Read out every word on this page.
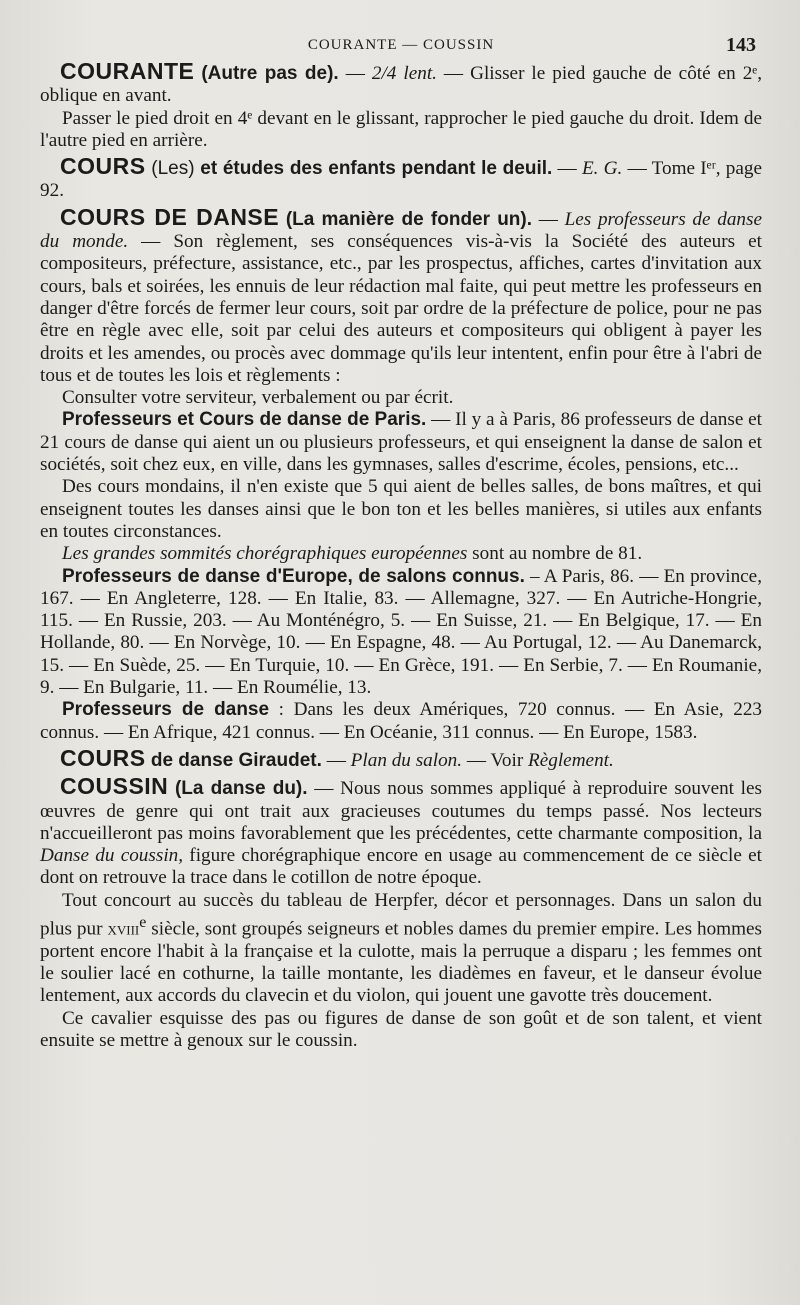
COURANTE — COUSSIN	143

COURANTE (Autre pas de). — 2/4 lent. — Glisser le pied gauche de côté en 2ᵉ, oblique en avant.

Passer le pied droit en 4ᵉ devant en le glissant, rapprocher le pied gauche du droit. Idem de l'autre pied en arrière.

COURS (Les) et études des enfants pendant le deuil. — E. G. — Tome Iᵉʳ, page 92.

COURS DE DANSE (La manière de fonder un). — Les professeurs de danse du monde. — Son règlement, ses conséquences vis-à-vis la Société des auteurs et compositeurs, préfecture, assistance, etc., par les prospectus, affiches, cartes d'invitation aux cours, bals et soirées, les ennuis de leur rédaction mal faite, qui peut mettre les professeurs en danger d'être forcés de fermer leur cours, soit par ordre de la préfecture de police, pour ne pas être en règle avec elle, soit par celui des auteurs et compositeurs qui obligent à payer les droits et les amendes, ou procès avec dommage qu'ils leur intentent, enfin pour être à l'abri de tous et de toutes les lois et règlements :

Consulter votre serviteur, verbalement ou par écrit.

Professeurs et Cours de danse de Paris. — Il y a à Paris, 86 professeurs de danse et 21 cours de danse qui aient un ou plusieurs professeurs, et qui enseignent la danse de salon et sociétés, soit chez eux, en ville, dans les gymnases, salles d'escrime, écoles, pensions, etc...

Des cours mondains, il n'en existe que 5 qui aient de belles salles, de bons maîtres, et qui enseignent toutes les danses ainsi que le bon ton et les belles manières, si utiles aux enfants en toutes circonstances.

Les grandes sommités chorégraphiques européennes sont au nombre de 81.

Professeurs de danse d'Europe, de salons connus. – A Paris, 86. — En province, 167. — En Angleterre, 128. — En Italie, 83. — Allemagne, 327. — En Autriche-Hongrie, 115. — En Russie, 203. — Au Monténégro, 5. — En Suisse, 21. — En Belgique, 17. — En Hollande, 80. — En Norvège, 10. — En Espagne, 48. — Au Portugal, 12. — Au Danemarck, 15. — En Suède, 25. — En Turquie, 10. — En Grèce, 191. — En Serbie, 7. — En Roumanie, 9. — En Bulgarie, 11. — En Roumélie, 13.

Professeurs de danse : Dans les deux Amériques, 720 connus. — En Asie, 223 connus. — En Afrique, 421 connus. — En Océanie, 311 connus. — En Europe, 1583.

COURS de danse Giraudet. — Plan du salon. — Voir Règlement.

COUSSIN (La danse du). — Nous nous sommes appliqué à reproduire souvent les œuvres de genre qui ont trait aux gracieuses coutumes du temps passé. Nos lecteurs n'accueilleront pas moins favorablement que les précédentes, cette charmante composition, la Danse du coussin, figure chorégraphique encore en usage au commencement de ce siècle et dont on retrouve la trace dans le cotillon de notre époque.

Tout concourt au succès du tableau de Herpfer, décor et personnages. Dans un salon du plus pur xviii$^e$ siècle, sont groupés seigneurs et nobles dames du premier empire. Les hommes portent encore l'habit à la française et la culotte, mais la perruque a disparu ; les femmes ont le soulier lacé en cothurne, la taille montante, les diadèmes en faveur, et le danseur évolue lentement, aux accords du clavecin et du violon, qui jouent une gavotte très doucement.

Ce cavalier esquisse des pas ou figures de danse de son goût et de son talent, et vient ensuite se mettre à genoux sur le coussin.
